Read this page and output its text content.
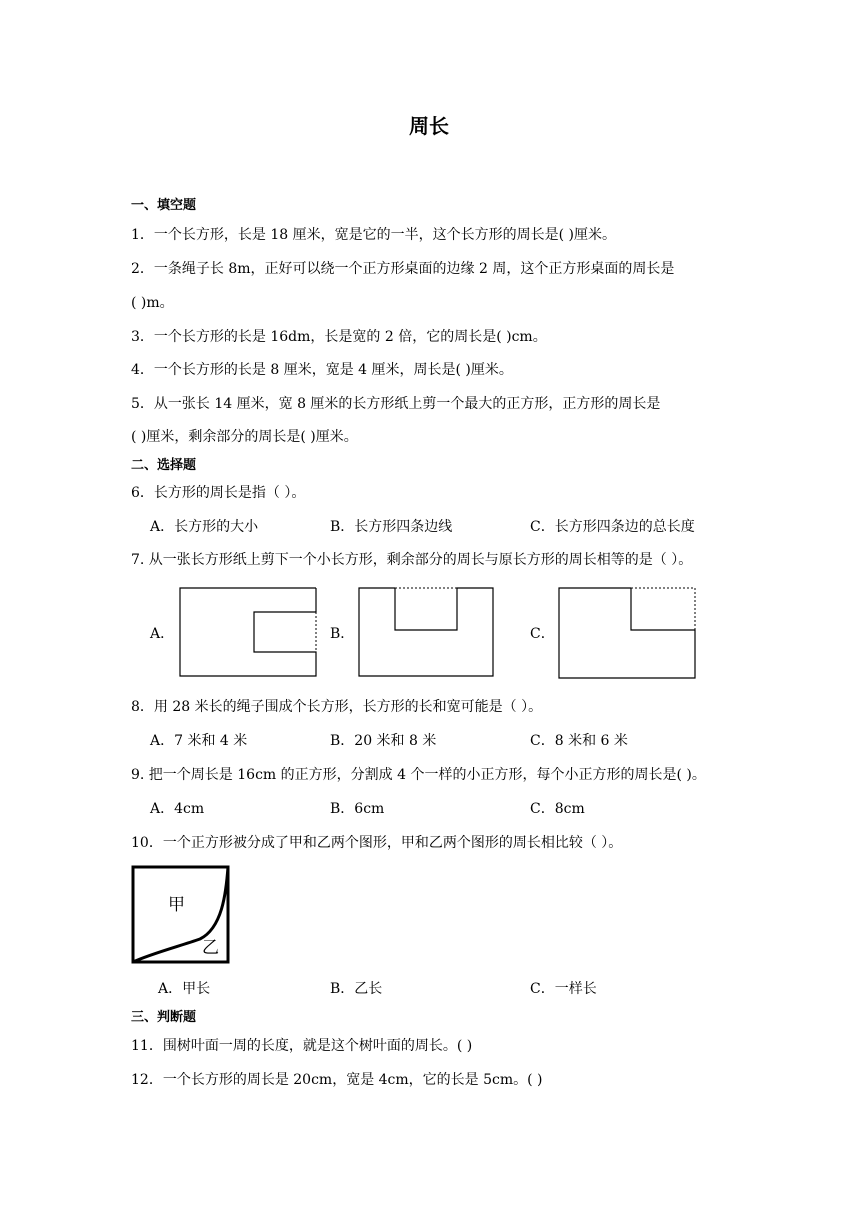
周长
一、填空题
1．一个长方形，长是 18 厘米，宽是它的一半，这个长方形的周长是( )厘米。
2．一条绳子长 8m，正好可以绕一个正方形桌面的边缘 2 周，这个正方形桌面的周长是
( )m。
3．一个长方形的长是 16dm，长是宽的 2 倍，它的周长是( )cm。
4．一个长方形的长是 8 厘米，宽是 4 厘米，周长是( )厘米。
5．从一张长 14 厘米，宽 8 厘米的长方形纸上剪一个最大的正方形，正方形的周长是
( )厘米，剩余部分的周长是( )厘米。
二、选择题
6．长方形的周长是指（ ）。
A．长方形的大小	B．长方形四条边线	C．长方形四条边的总长度
7. 从一张长方形纸上剪下一个小长方形，剩余部分的周长与原长方形的周长相等的是（ ）。
A．	B．	C．
8．用 28 米长的绳子围成个长方形，长方形的长和宽可能是（ ）。
A．7 米和 4 米	B．20 米和 8 米	C．8 米和 6 米
9. 把一个周长是 16cm 的正方形，分割成 4 个一样的小正方形，每个小正方形的周长是( )。
A．4cm	B．6cm	C．8cm
10．一个正方形被分成了甲和乙两个图形，甲和乙两个图形的周长相比较（ ）。
甲
乙
A．甲长	B．乙长	C．一样长
三、判断题
11．围树叶面一周的长度，就是这个树叶面的周长。( )
12．一个长方形的周长是 20cm，宽是 4cm，它的长是 5cm。( )
